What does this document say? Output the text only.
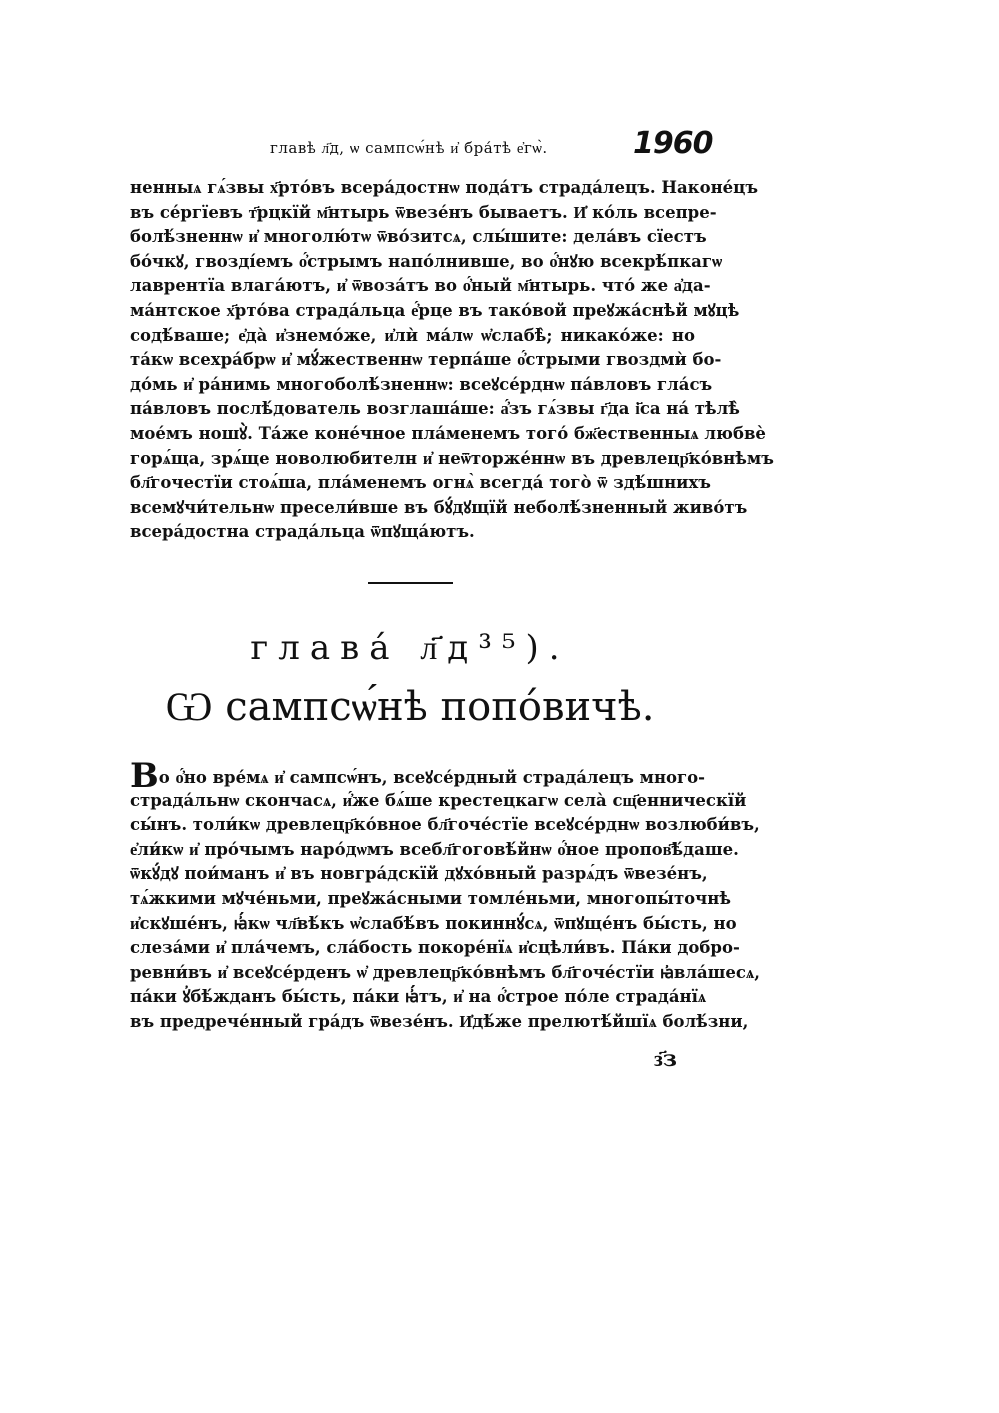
главѣ л҃д, ѡ сампсѡ́нѣ и҆ бра́тѣ е҆гѡ̀.	1960
ненныѧ гѧ́звы х҃рто́въ всера́достнѡ пода́тъ страда́лецъ. Наконе́цъ
въ се́ргїевъ т҃рцкїй м҃нтырь ѿвезе́нъ бываетъ. И҆ ко́ль всепре-
болѣ́зненнѡ и҆ многолю́тѡ ѿво́зитсѧ, слы́шите: дела́въ сїестъ
бо́чкꙋ, гвозді́емъ о҆́стрымъ напо́лнивше, во о҆́нꙋю всекрѣ́пкагѡ
лаврентїа влага́ютъ, и҆ ѿвоза́тъ во о҆́ный м҃нтырь. что́ же а҆да-
ма́нтское х҃рто́ва страда́льца е҆́рце въ тако́вой преꙋжа́снѣй мꙋцѣ
содѣ́ваше; е҆да̀ и҆знемо́же, и҆лѝ ма́лѡ ѡ҆слабѣ̀; никако́же: но
та́кѡ всехра́брѡ и҆ мꙋ́жественнѡ терпа́ше о҆́стрыми гвоздмѝ бо-
до́мь и҆ ра́нимь многоболѣ́зненнѡ: всеꙋсе́рднѡ па́вловъ гла́съ
па́вловъ послѣ́дователь возглаша́ше: а҆́зъ гѧ́звы г҃да і҃са на́ тѣлѣ̀
мое́мъ ношꙋ̀. Та́же коне́чное пла́менемъ того́ бж҃ественныѧ любвѐ
горѧ́ща, зрѧ́ще новолюбителн и҆ неѿторже́ннѡ въ древлецр҃ко́внѣмъ
бл҃гочестїи стоѧ́ша, пла́менемъ огнѧ̀ всегда́ того̀ ѿ здѣ́шнихъ
всемꙋчи́тельнѡ пресели́вше въ бꙋ́дꙋщїй неболѣ́зненный живо́тъ
всера́достна страда́льца ѿпꙋща́ютъ.
глава́ л҃д³⁵).
Ѡ сампсѡ́нѣ попо́вичѣ.
Во о҆́но вре́мѧ и҆ сампсѡ́нъ, всеꙋсе́рдный страда́лецъ много-
страда́льнѡ скончасѧ, и҆́же бѧ́ше крестецкагѡ села̀ сщ҃енническїй
сы́нъ. толи́кѡ древлецр҃ко́вное бл҃гоче́стїе всеꙋсе́рднѡ возлюби́въ,
е҆ли́кѡ и҆ про́чымъ наро́дѡмъ всебл҃гоговѣ́йнѡ о҆́ное пропов҃ѣ́даше.
ѿкꙋ́дꙋ пои́манъ и҆ въ новгра́дскїй дꙋхо́вный разрѧ́дъ ѿвезе́нъ,
тѧ́жкими мꙋче́ньми, преꙋжа́сными томле́ньми, многопы́точнѣ
и҆скꙋше́нъ, ꙗ҆́кѡ чл҃вѣ́къ ѡ҆слабѣ́въ покиннꙋ́сѧ, ѿпꙋще́нъ бы́сть, но
слеза́ми и҆ пла́чемъ, сла́бость покоре́нїѧ и҆сцѣли́въ. Па́ки добро-
ревни́въ и҆ всеꙋсе́рденъ ѡ҆ древлецр҃ко́внѣмъ бл҃гоче́стїи ꙗ҆вла́шесѧ,
па́ки ꙋ҆бѣ́жданъ бы́сть, па́ки ꙗ҆́тъ, и҆ на о҆́строе по́ле страда́нїѧ
въ предрече́нный гра́дъ ѿвезе́нъ. И҆дѣ́же прелютѣ́йшїѧ болѣ́зни,
з҃з
